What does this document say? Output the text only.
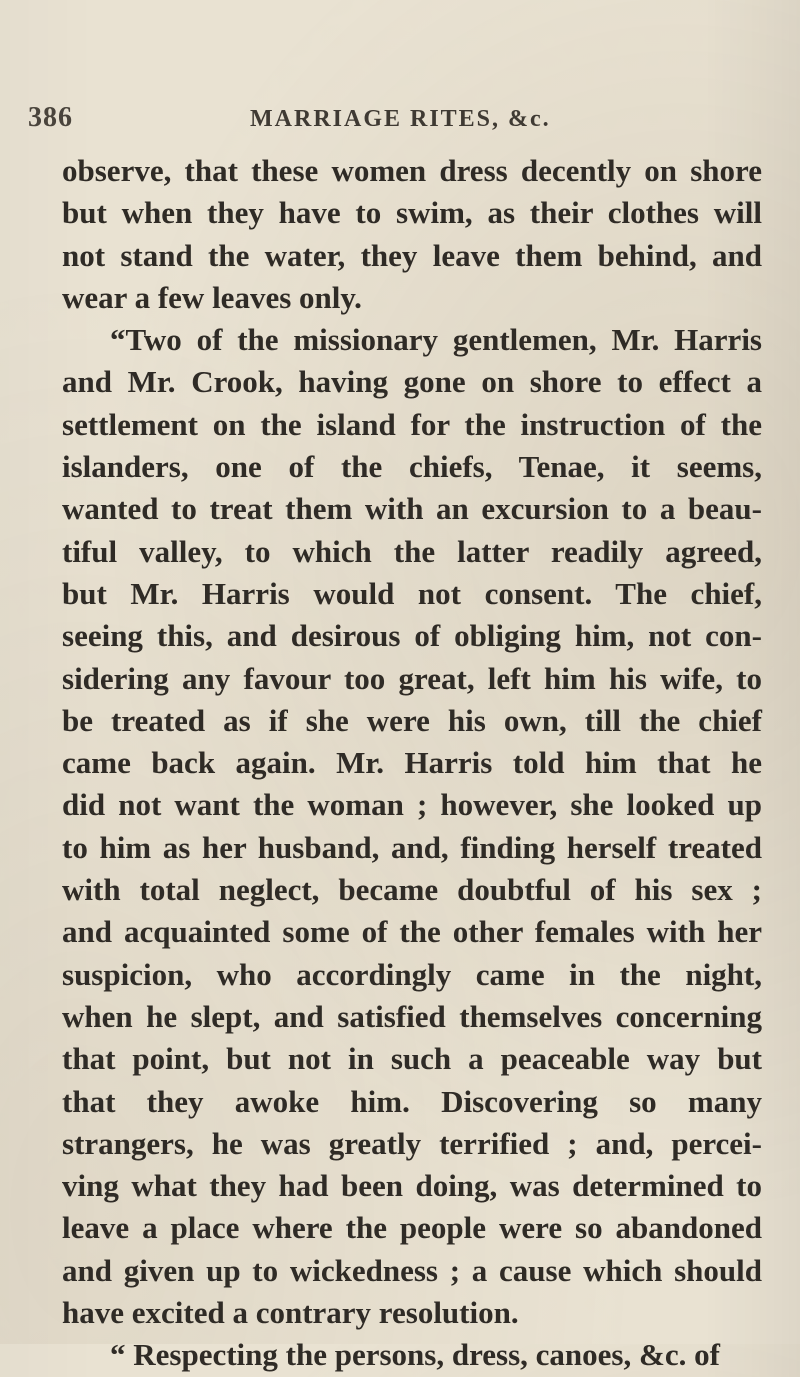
386	MARRIAGE RITES, &c.
observe, that these women dress decently on shore
but when they have to swim, as their clothes will
not stand the water, they leave them behind, and
wear a few leaves only.
“Two of the missionary gentlemen, Mr. Harris
and Mr. Crook, having gone on shore to effect a
settlement on the island for the instruction of the
islanders, one of the chiefs, Tenae, it seems,
wanted to treat them with an excursion to a beau-
tiful valley, to which the latter readily agreed,
but Mr. Harris would not consent. The chief,
seeing this, and desirous of obliging him, not con-
sidering any favour too great, left him his wife, to
be treated as if she were his own, till the chief
came back again. Mr. Harris told him that he
did not want the woman ; however, she looked up
to him as her husband, and, finding herself treated
with total neglect, became doubtful of his sex ;
and acquainted some of the other females with her
suspicion, who accordingly came in the night,
when he slept, and satisfied themselves concerning
that point, but not in such a peaceable way but
that they awoke him. Discovering so many
strangers, he was greatly terrified ; and, percei-
ving what they had been doing, was determined to
leave a place where the people were so abandoned
and given up to wickedness ; a cause which should
have excited a contrary resolution.
“ Respecting the persons, dress, canoes, &c. of
